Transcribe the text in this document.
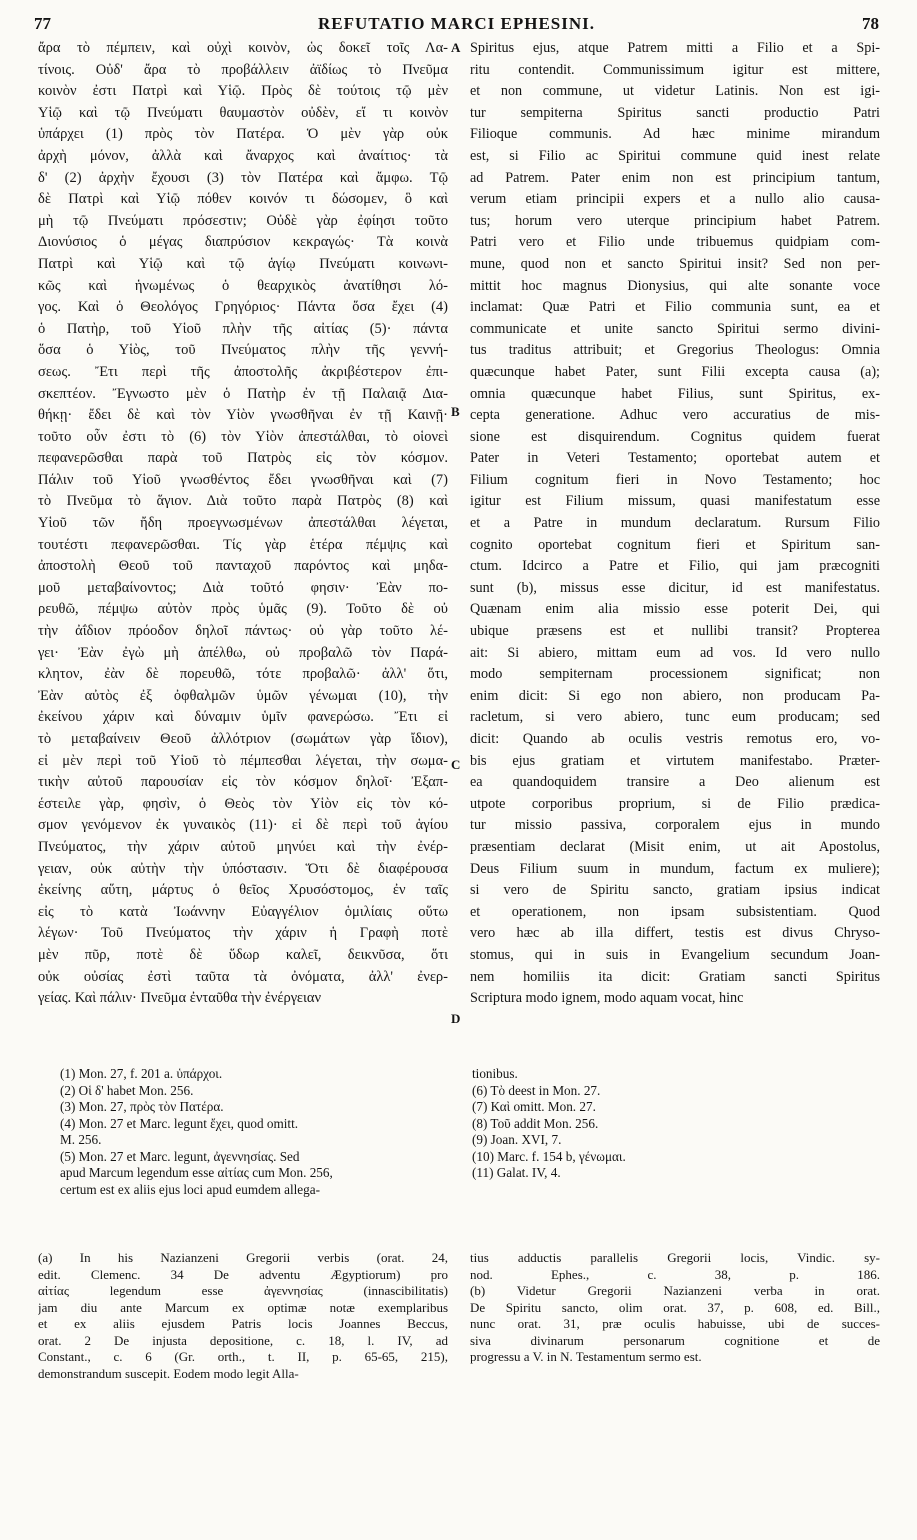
77	REFUTATIO MARCI EPHESINI.	78
ἄρα τὸ πέμπειν, καὶ οὐχὶ κοινὸν, ὡς δοκεῖ τοῖς Λα-
τίνοις. Οὐδ' ἄρα τὸ προβάλλειν ἀϊδίως τὸ Πνεῦμα
κοινὸν ἐστι Πατρὶ καὶ Υἱῷ. Πρὸς δὲ τούτοις τῷ μὲν
Υἱῷ καὶ τῷ Πνεύματι θαυμαστὸν οὐδὲν, εἴ τι κοινὸν
ὑπάρχει (1) πρὸς τὸν Πατέρα. Ὁ μὲν γὰρ οὐκ
ἀρχὴ μόνον, ἀλλὰ καὶ ἄναρχος καὶ ἀναίτιος· τὰ
δ' (2) ἀρχὴν ἔχουσι (3) τὸν Πατέρα καὶ ἄμφω. Τῷ
δὲ Πατρὶ καὶ Υἱῷ πόθεν κοινόν τι δώσομεν, ὃ καὶ
μὴ τῷ Πνεύματι πρόσεστιν; Οὐδὲ γὰρ ἐφίησι τοῦτο
Διονύσιος ὁ μέγας διαπρύσιον κεκραγώς· Τὰ κοινὰ
Πατρὶ καὶ Υἱῷ καὶ τῷ ἁγίῳ Πνεύματι κοινωνι-
κῶς καὶ ἡνωμένως ὁ θεαρχικὸς ἀνατίθησι λό-
γος. Καὶ ὁ Θεολόγος Γρηγόριος· Πάντα ὅσα ἔχει (4)
ὁ Πατὴρ, τοῦ Υἱοῦ πλὴν τῆς αἰτίας (5)· πάντα
ὅσα ὁ Υἱὸς, τοῦ Πνεύματος πλὴν τῆς γεννή-
σεως. Ἔτι περὶ τῆς ἀποστολῆς ἀκριβέστερον ἐπι-
σκεπτέον. Ἔγνωστο μὲν ὁ Πατὴρ ἐν τῇ Παλαιᾷ Δια-
θήκῃ· ἔδει δὲ καὶ τὸν Υἱὸν γνωσθῆναι ἐν τῇ Καινῇ·
τοῦτο οὖν ἐστι τὸ (6) τὸν Υἱὸν ἀπεστάλθαι, τὸ οἱονεὶ
πεφανερῶσθαι παρὰ τοῦ Πατρὸς εἰς τὸν κόσμον.
Πάλιν τοῦ Υἱοῦ γνωσθέντος ἔδει γνωσθῆναι καὶ (7)
τὸ Πνεῦμα τὸ ἅγιον. Διὰ τοῦτο παρὰ Πατρὸς (8) καὶ
Υἱοῦ τῶν ἤδη προεγνωσμένων ἀπεστάλθαι λέγεται,
τουτέστι πεφανερῶσθαι. Τίς γὰρ ἑτέρα πέμψις καὶ
ἀποστολὴ Θεοῦ τοῦ πανταχοῦ παρόντος καὶ μηδα-
μοῦ μεταβαίνοντος; Διὰ τοῦτό φησιν· Ἐὰν πο-
ρευθῶ, πέμψω αὐτὸν πρὸς ὑμᾶς (9). Τοῦτο δὲ οὐ
τὴν ἀΐδιον πρόοδον δηλοῖ πάντως· οὐ γὰρ τοῦτο λέ-
γει· Ἐὰν ἐγὼ μὴ ἀπέλθω, οὐ προβαλῶ τὸν Παρά-
κλητον, ἐὰν δὲ πορευθῶ, τότε προβαλῶ· ἀλλ' ὅτι,
Ἐὰν αὐτὸς ἐξ ὀφθαλμῶν ὑμῶν γένωμαι (10), τὴν
ἐκείνου χάριν καὶ δύναμιν ὑμῖν φανερώσω. Ἔτι εἰ
τὸ μεταβαίνειν Θεοῦ ἀλλότριον (σωμάτων γὰρ ἴδιον),
εἰ μὲν περὶ τοῦ Υἱοῦ τὸ πέμπεσθαι λέγεται, τὴν σωμα-
τικὴν αὐτοῦ παρουσίαν εἰς τὸν κόσμον δηλοῖ· Ἐξαπ-
έστειλε γὰρ, φησὶν, ὁ Θεὸς τὸν Υἱὸν εἰς τὸν κό-
σμον γενόμενον ἐκ γυναικὸς (11)· εἰ δὲ περὶ τοῦ ἁγίου
Πνεύματος, τὴν χάριν αὐτοῦ μηνύει καὶ τὴν ἐνέρ-
γειαν, οὐκ αὐτὴν τὴν ὑπόστασιν. Ὅτι δὲ διαφέρουσα
ἐκείνης αὕτη, μάρτυς ὁ θεῖος Χρυσόστομος, ἐν ταῖς
εἰς τὸ κατὰ Ἰωάννην Εὐαγγέλιον ὁμιλίαις οὕτω
λέγων· Τοῦ Πνεύματος τὴν χάριν ἡ Γραφὴ ποτὲ
μὲν πῦρ, ποτὲ δὲ ὕδωρ καλεῖ, δεικνῦσα, ὅτι
οὐκ οὐσίας ἐστὶ ταῦτα τὰ ὀνόματα, ἀλλ' ἐνερ-
γείας. Καὶ πάλιν· Πνεῦμα ἐνταῦθα τὴν ἐνέργειαν
Spiritus ejus, atque Patrem mitti a Filio et a Spi-
ritu contendit. Communissimum igitur est mittere,
et non commune, ut videtur Latinis. Non est igi-
tur sempiterna Spiritus sancti productio Patri
Filioque communis. Ad hæc minime mirandum
est, si Filio ac Spiritui commune quid inest relate
ad Patrem. Pater enim non est principium tantum,
verum etiam principii expers et a nullo alio causa-
tus; horum vero uterque principium habet Patrem.
Patri vero et Filio unde tribuemus quidpiam com-
mune, quod non et sancto Spiritui insit? Sed non per-
mittit hoc magnus Dionysius, qui alte sonante voce
inclamat: Quæ Patri et Filio communia sunt, ea et
communicate et unite sancto Spiritui sermo divini-
tus traditus attribuit; et Gregorius Theologus: Omnia
quæcunque habet Pater, sunt Filii excepta causa (a);
omnia quæcunque habet Filius, sunt Spiritus, ex-
cepta generatione. Adhuc vero accuratius de mis-
sione est disquirendum. Cognitus quidem fuerat
Pater in Veteri Testamento; oportebat autem et
Filium cognitum fieri in Novo Testamento; hoc
igitur est Filium missum, quasi manifestatum esse
et a Patre in mundum declaratum. Rursum Filio
cognito oportebat cognitum fieri et Spiritum san-
ctum. Idcirco a Patre et Filio, qui jam præcogniti
sunt (b), missus esse dicitur, id est manifestatus.
Quænam enim alia missio esse poterit Dei, qui
ubique præsens est et nullibi transit? Propterea
ait: Si abiero, mittam eum ad vos. Id vero nullo
modo sempiternam processionem significat; non
enim dicit: Si ego non abiero, non producam Pa-
racletum, si vero abiero, tunc eum producam; sed
dicit: Quando ab oculis vestris remotus ero, vo-
bis ejus gratiam et virtutem manifestabo. Præter-
ea quandoquidem transire a Deo alienum est
utpote corporibus proprium, si de Filio prædica-
tur missio passiva, corporalem ejus in mundo
præsentiam declarat (Misit enim, ut ait Apostolus,
Deus Filium suum in mundum, factum ex muliere);
si vero de Spiritu sancto, gratiam ipsius indicat
et operationem, non ipsam subsistentiam. Quod
vero hæc ab illa differt, testis est divus Chryso-
stomus, qui in suis in Evangelium secundum Joan-
nem homiliis ita dicit: Gratiam sancti Spiritus
Scriptura modo ignem, modo aquam vocat, hinc
A
B
C
D
(1) Mon. 27, f. 201 a. ὑπάρχοι.
(2) Οἱ δ' habet Mon. 256.
(3) Mon. 27, πρὸς τὸν Πατέρα.
(4) Mon. 27 et Marc. legunt ἔχει, quod omitt.
M. 256.
(5) Mon. 27 et Marc. legunt, ἀγεννησίας. Sed
apud Marcum legendum esse αἰτίας cum Mon. 256,
certum est ex aliis ejus loci apud eumdem allega-
tionibus.
(6) Τὸ deest in Mon. 27.
(7) Καὶ omitt. Mon. 27.
(8) Τοῦ addit Mon. 256.
(9) Joan. XVI, 7.
(10) Marc. f. 154 b, γένωμαι.
(11) Galat. IV, 4.
(a) In his Nazianzeni Gregorii verbis (orat. 24,
edit. Clemenc. 34 De adventu Ægyptiorum) pro
αἰτίας legendum esse ἀγεννησίας (innascibilitatis)
jam diu ante Marcum ex optimæ notæ exemplaribus
et ex aliis ejusdem Patris locis Joannes Beccus,
orat. 2 De injusta depositione, c. 18, l. IV, ad
Constant., c. 6 (Gr. orth., t. II, p. 65-65, 215),
demonstrandum suscepit. Eodem modo legit Alla-
tius adductis parallelis Gregorii locis, Vindic. sy-
nod. Ephes., c. 38, p. 186.
(b) Videtur Gregorii Nazianzeni verba in orat.
De Spiritu sancto, olim orat. 37, p. 608, ed. Bill.,
nunc orat. 31, præ oculis habuisse, ubi de succes-
siva divinarum personarum cognitione et de
progressu a V. in N. Testamentum sermo est.
